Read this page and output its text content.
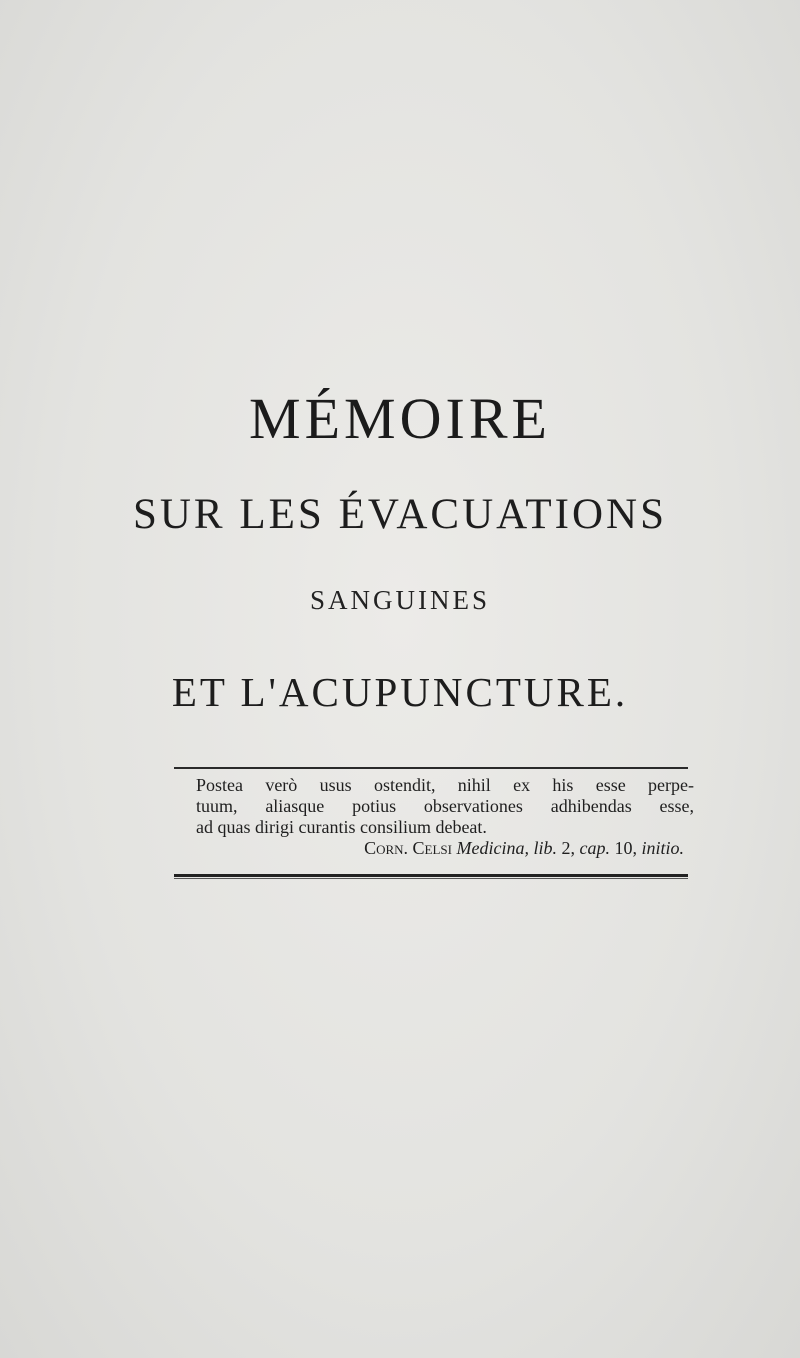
MÉMOIRE
SUR LES ÉVACUATIONS
SANGUINES
ET L'ACUPUNCTURE.
Postea verò usus ostendit, nihil ex his esse perpe-
tuum, aliasque potius observationes adhibendas esse,
ad quas dirigi curantis consilium debeat.
Corn. Celsi Medicina, lib. 2, cap. 10, initio.
